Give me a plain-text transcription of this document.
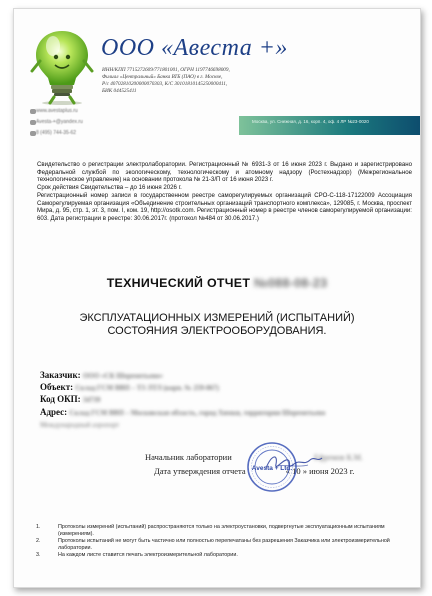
ООО «Авеста +»
ИНН/КПП 7715272609/771801001, ОГРН 1197746698009,
Филиал «Центральный» Банка ВТБ (ПАО) в г. Москве,
Р/с 40702810200000070303, К/С 30101810145250000411,
БИК 044525411
www.avestaplus.ru
Avesta-+@yandex.ru
8 (495) 744-35-62
Москва, ул. Снежная, д. 16, корп. 4, оф. 4 ЛР №23-0020

Свидетельство о регистрации электролаборатории. Регистрационный № 6931-3 от 16 июня 2023 г. Выдано и зарегистрировано Федеральной службой по экологическому, технологическому и атомному надзору (Ростехнадзор) (Межрегиональное технологическое управление) на основании протокола № 21-3/П от 16 июня 2023 г.

Срок действия Свидетельства – до 16 июня 2026 г.

Регистрационный номер записи в государственном реестре саморегулируемых организаций СРО-С-118-17122009 Ассоциация Саморегулируемая организация «Объединение строительных организаций транспортного комплекса», 129085, г. Москва, проспект Мира, д. 95, стр. 1, эт. 3, пом. I, ком. 19, http://osotk.com. Регистрационный номер в реестре членов саморегулируемой организации: 603. Дата регистрации в реестре: 30.06.2017г. (протокол №484 от 30.06.2017.)

ТЕХНИЧЕСКИЙ ОТЧЕТ №088-08-23
ЭКСПЛУАТАЦИОННЫХ ИЗМЕРЕНИЙ (ИСПЫТАНИЙ) СОСТОЯНИЯ ЭЛЕКТРООБОРУДОВАНИЯ.
Заказчик: ООО «СК Шереметьево»
Объект: Склад ГСМ ВВП – ТЗ ЛТЛ (корп. № 259-067)
Код ОКП: 34739
Адрес: Склад ГСМ ВВП – Московская область, город Химки, территория Шереметьево
Международный аэропорт
Начальник лаборатории	Ефремов К.М.
Дата утверждения отчета	« 10 » июня 2023 г.
Avesta + Ltd.
1.	Протоколы измерений (испытаний) распространяются только на электроустановки, подвергнутые эксплуатационным испытаниям (измерениям).
2.	Протоколы испытаний не могут быть частично или полностью перепечатаны без разрешения Заказчика или электроизмерительной лаборатории.
3.	На каждом листе ставится печать электроизмерительной лаборатории.
